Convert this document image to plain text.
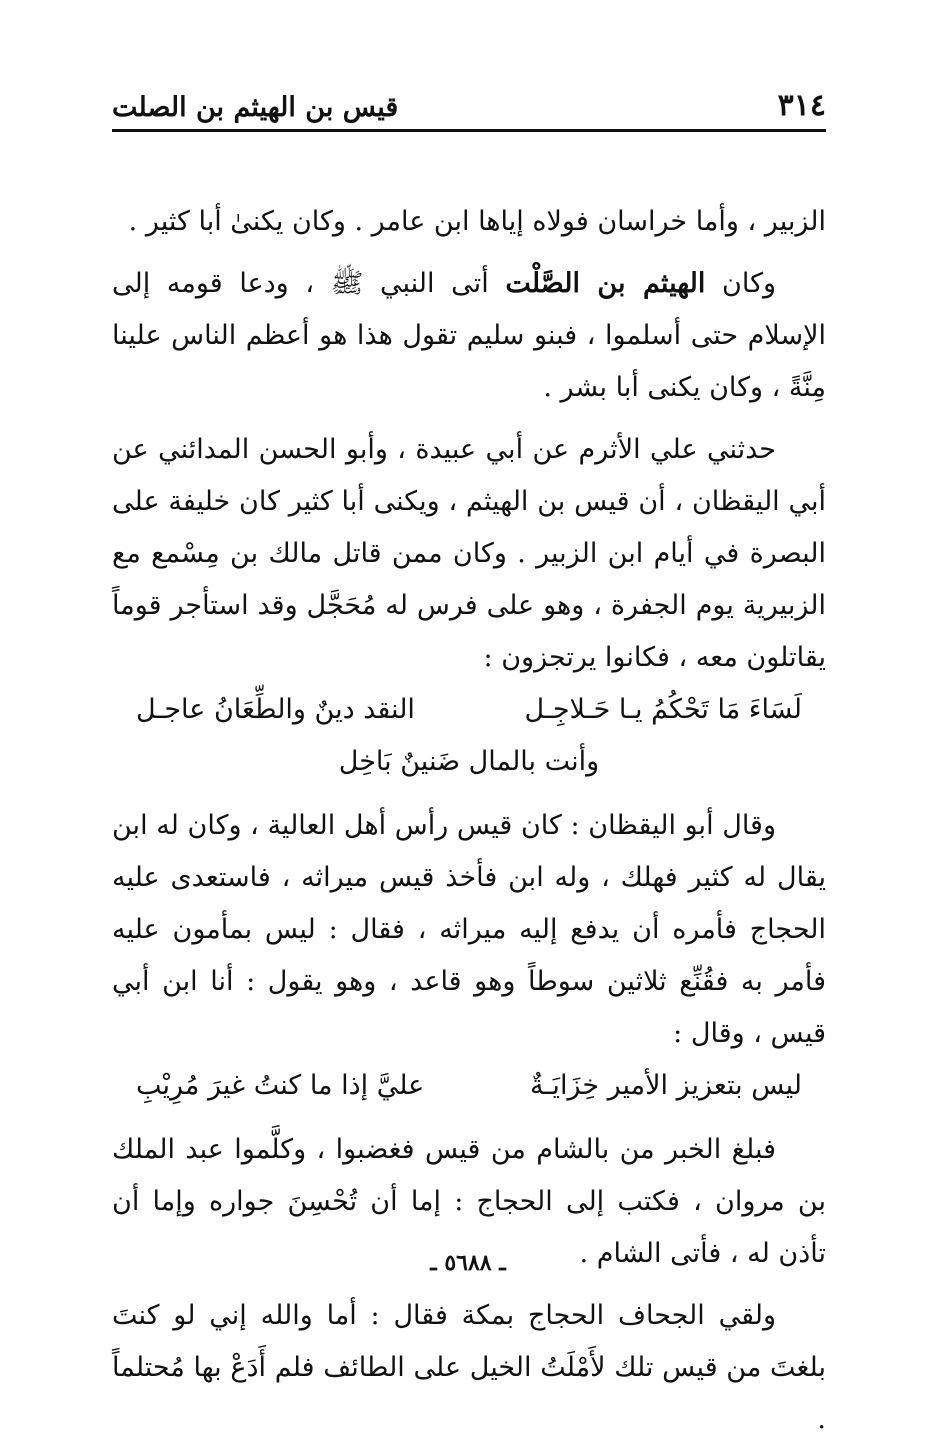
٣١٤
قيس بن الهيثم بن الصلت

الزبير ، وأما خراسان فولاه إياها ابن عامر . وكان يكنىٰ أبا كثير .

وكان الهيثم بن الصَّلْت أتى النبي ﷺ ، ودعا قومه إلى الإسلام حتى أسلموا ، فبنو سليم تقول هذا هو أعظم الناس علينا مِنَّةً ، وكان يكنى أبا بشر .

حدثني علي الأثرم عن أبي عبيدة ، وأبو الحسن المدائني عن أبي اليقظان ، أن قيس بن الهيثم ، ويكنى أبا كثير كان خليفة على البصرة في أيام ابن الزبير . وكان ممن قاتل مالك بن مِسْمع مع الزبيرية يوم الجفرة ، وهو على فرس له مُحَجَّل وقد استأجر قوماً يقاتلون معه ، فكانوا يرتجزون :

لَسَاءَ مَا تَحْكُمُ يـا حَـلاجِـل
النقد دينٌ والطِّعَانُ عاجـل
وأنت بالمال ضَنينٌ بَاخِل

وقال أبو اليقظان : كان قيس رأس أهل العالية ، وكان له ابن يقال له كثير فهلك ، وله ابن فأخذ قيس ميراثه ، فاستعدى عليه الحجاج فأمره أن يدفع إليه ميراثه ، فقال : ليس بمأمون عليه فأمر به فقُنِّع ثلاثين سوطاً وهو قاعد ، وهو يقول : أنا ابن أبي قيس ، وقال :

ليس بتعزيز الأمير خِزَايَـةٌ
عليَّ إذا ما كنتُ غيرَ مُرِيْبِ

فبلغ الخبر من بالشام من قيس فغضبوا ، وكلَّموا عبد الملك بن مروان ، فكتب إلى الحجاج : إما أن تُحْسِنَ جواره وإما أن تأذن له ، فأتى الشام .

ولقي الجحاف الحجاج بمكة فقال : أما والله إني لو كنتَ بلغتَ من قيس تلك لأَمْلَتُ الخيل على الطائف فلم أَدَعْ بها مُحتلماً .

ـ ٥٦٨٨ ـ
